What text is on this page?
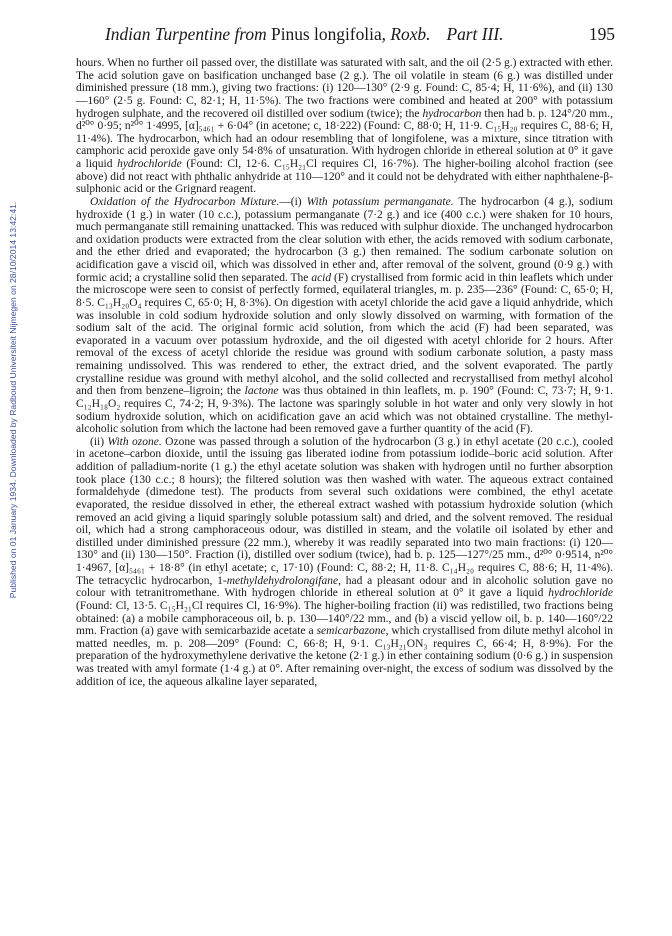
Published on 01 January 1934. Downloaded by Radboud Universiteit Nijmegen on 28/10/2014 13:42:41.
Indian Turpentine from Pinus longifolia, Roxb. Part III.	195

hours. When no further oil passed over, the distillate was saturated with salt, and the oil (2·5 g.) extracted with ether. The acid solution gave on basification unchanged base (2 g.). The oil volatile in steam (6 g.) was distilled under diminished pressure (18 mm.), giving two fractions: (i) 120—130° (2·9 g. Found: C, 85·4; H, 11·6%), and (ii) 130—160° (2·5 g. Found: C, 82·1; H, 11·5%). The two fractions were combined and heated at 200° with potassium hydrogen sulphate, and the recovered oil distilled over sodium (twice); the hydrocarbon then had b. p. 124°/20 mm., d²⁰° 0·95; n²⁰° 1·4995, [α]₅₄₆₁ + 6·04° (in acetone; c, 18·222) (Found: C, 88·0; H, 11·9. C₁₅H₂₀ requires C, 88·6; H, 11·4%). The hydrocarbon, which had an odour resembling that of longifolene, was a mixture, since titration with camphoric acid peroxide gave only 54·8% of unsaturation. With hydrogen chloride in ethereal solution at 0° it gave a liquid hydrochloride (Found: Cl, 12·6. C₁₅H₂₁Cl requires Cl, 16·7%). The higher-boiling alcohol fraction (see above) did not react with phthalic anhydride at 110—120° and it could not be dehydrated with either naphthalene-β-sulphonic acid or the Grignard reagent.

Oxidation of the Hydrocarbon Mixture.—(i) With potassium permanganate. The hydrocarbon (4 g.), sodium hydroxide (1 g.) in water (10 c.c.), potassium permanganate (7·2 g.) and ice (400 c.c.) were shaken for 10 hours, much permanganate still remaining unattacked. This was reduced with sulphur dioxide. The unchanged hydrocarbon and oxidation products were extracted from the clear solution with ether, the acids removed with sodium carbonate, and the ether dried and evaporated; the hydrocarbon (3 g.) then remained. The sodium carbonate solution on acidification gave a viscid oil, which was dissolved in ether and, after removal of the solvent, ground (0·9 g.) with formic acid; a crystalline solid then separated. The acid (F) crystallised from formic acid in thin leaflets which under the microscope were seen to consist of perfectly formed, equilateral triangles, m. p. 235—236° (Found: C, 65·0; H, 8·5. C₁₃H₂₀O₄ requires C, 65·0; H, 8·3%). On digestion with acetyl chloride the acid gave a liquid anhydride, which was insoluble in cold sodium hydroxide solution and only slowly dissolved on warming, with formation of the sodium salt of the acid. The original formic acid solution, from which the acid (F) had been separated, was evaporated in a vacuum over potassium hydroxide, and the oil digested with acetyl chloride for 2 hours. After removal of the excess of acetyl chloride the residue was ground with sodium carbonate solution, a pasty mass remaining undissolved. This was rendered to ether, the extract dried, and the solvent evaporated. The partly crystalline residue was ground with methyl alcohol, and the solid collected and recrystallised from methyl alcohol and then from benzene–ligroin; the lactone was thus obtained in thin leaflets, m. p. 190° (Found: C, 73·7; H, 9·1. C₁₂H₁₈O₂ requires C, 74·2; H, 9·3%). The lactone was sparingly soluble in hot water and only very slowly in hot sodium hydroxide solution, which on acidification gave an acid which was not obtained crystalline. The methyl-alcoholic solution from which the lactone had been removed gave a further quantity of the acid (F).

(ii) With ozone. Ozone was passed through a solution of the hydrocarbon (3 g.) in ethyl acetate (20 c.c.), cooled in acetone–carbon dioxide, until the issuing gas liberated iodine from potassium iodide–boric acid solution. After addition of palladium-norite (1 g.) the ethyl acetate solution was shaken with hydrogen until no further absorption took place (130 c.c.; 8 hours); the filtered solution was then washed with water. The aqueous extract contained formaldehyde (dimedone test). The products from several such oxidations were combined, the ethyl acetate evaporated, the residue dissolved in ether, the ethereal extract washed with potassium hydroxide solution (which removed an acid giving a liquid sparingly soluble potassium salt) and dried, and the solvent removed. The residual oil, which had a strong camphoraceous odour, was distilled in steam, and the volatile oil isolated by ether and distilled under diminished pressure (22 mm.), whereby it was readily separated into two main fractions: (i) 120—130° and (ii) 130—150°. Fraction (i), distilled over sodium (twice), had b. p. 125—127°/25 mm., d²⁰° 0·9514, n²⁰° 1·4967, [α]₅₄₆₁ + 18·8° (in ethyl acetate; c, 17·10) (Found: C, 88·2; H, 11·8. C₁₄H₂₀ requires C, 88·6; H, 11·4%). The tetracyclic hydrocarbon, 1-methyldehydrolongifane, had a pleasant odour and in alcoholic solution gave no colour with tetranitromethane. With hydrogen chloride in ethereal solution at 0° it gave a liquid hydrochloride (Found: Cl, 13·5. C₁₅H₂₁Cl requires Cl, 16·9%). The higher-boiling fraction (ii) was redistilled, two fractions being obtained: (a) a mobile camphoraceous oil, b. p. 130—140°/22 mm., and (b) a viscid yellow oil, b. p. 140—160°/22 mm. Fraction (a) gave with semicarbazide acetate a semicarbazone, which crystallised from dilute methyl alcohol in matted needles, m. p. 208—209° (Found: C, 66·8; H, 9·1. C₁₃H₂₁ON₃ requires C, 66·4; H, 8·9%). For the preparation of the hydroxymethylene derivative the ketone (2·1 g.) in ether containing sodium (0·6 g.) in suspension was treated with amyl formate (1·4 g.) at 0°. After remaining over-night, the excess of sodium was dissolved by the addition of ice, the aqueous alkaline layer separated,
